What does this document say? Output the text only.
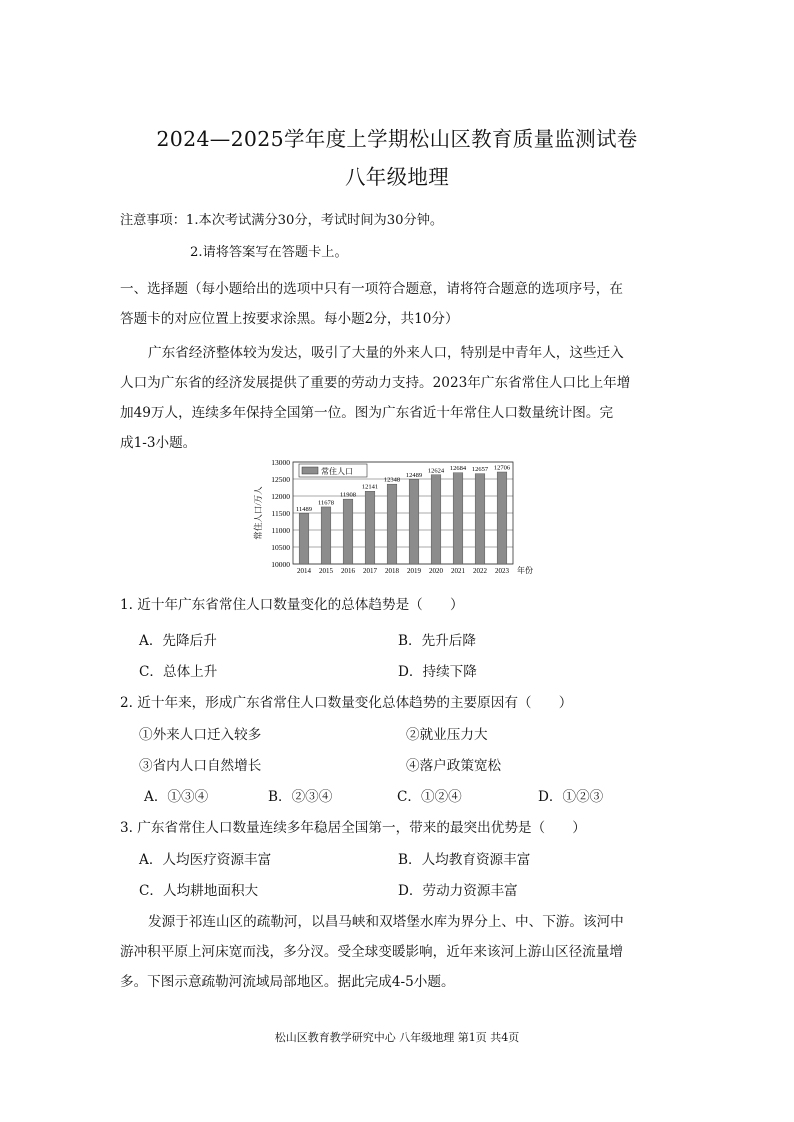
2024—2025学年度上学期松山区教育质量监测试卷
八年级地理
注意事项：1.本次考试满分30分，考试时间为30分钟。
2.请将答案写在答题卡上。
一、选择题（每小题给出的选项中只有一项符合题意，请将符合题意的选项序号，在
答题卡的对应位置上按要求涂黑。每小题2分，共10分）
广东省经济整体较为发达，吸引了大量的外来人口，特别是中青年人，这些迁入
人口为广东省的经济发展提供了重要的劳动力支持。2023年广东省常住人口比上年增
加49万人，连续多年保持全国第一位。图为广东省近十年常住人口数量统计图。完
成1-3小题。
常住人口/万人	11489
11678
11908
12141
12348
12489
12624 12684 12657 12706
10000
10500
11000
11500
12000
12500
13000
2014 2015 2016 2017 2018 2019 2020 2021 2022 2023 年份
常住人口
1. 近十年广东省常住人口数量变化的总体趋势是（　　）
A．先降后升	B．先升后降
C．总体上升	D．持续下降
2. 近十年来，形成广东省常住人口数量变化总体趋势的主要原因有（　　）
①外来人口迁入较多	②就业压力大
③省内人口自然增长	④落户政策宽松
A．①③④	B．②③④	C．①②④	D．①②③
3. 广东省常住人口数量连续多年稳居全国第一，带来的最突出优势是（　　）
A．人均医疗资源丰富	B．人均教育资源丰富
C．人均耕地面积大	D．劳动力资源丰富
发源于祁连山区的疏勒河，以昌马峡和双塔堡水库为界分上、中、下游。该河中
游冲积平原上河床宽而浅，多分汊。受全球变暖影响，近年来该河上游山区径流量增
多。下图示意疏勒河流域局部地区。据此完成4-5小题。
松山区教育教学研究中心 八年级地理 第1页 共4页
